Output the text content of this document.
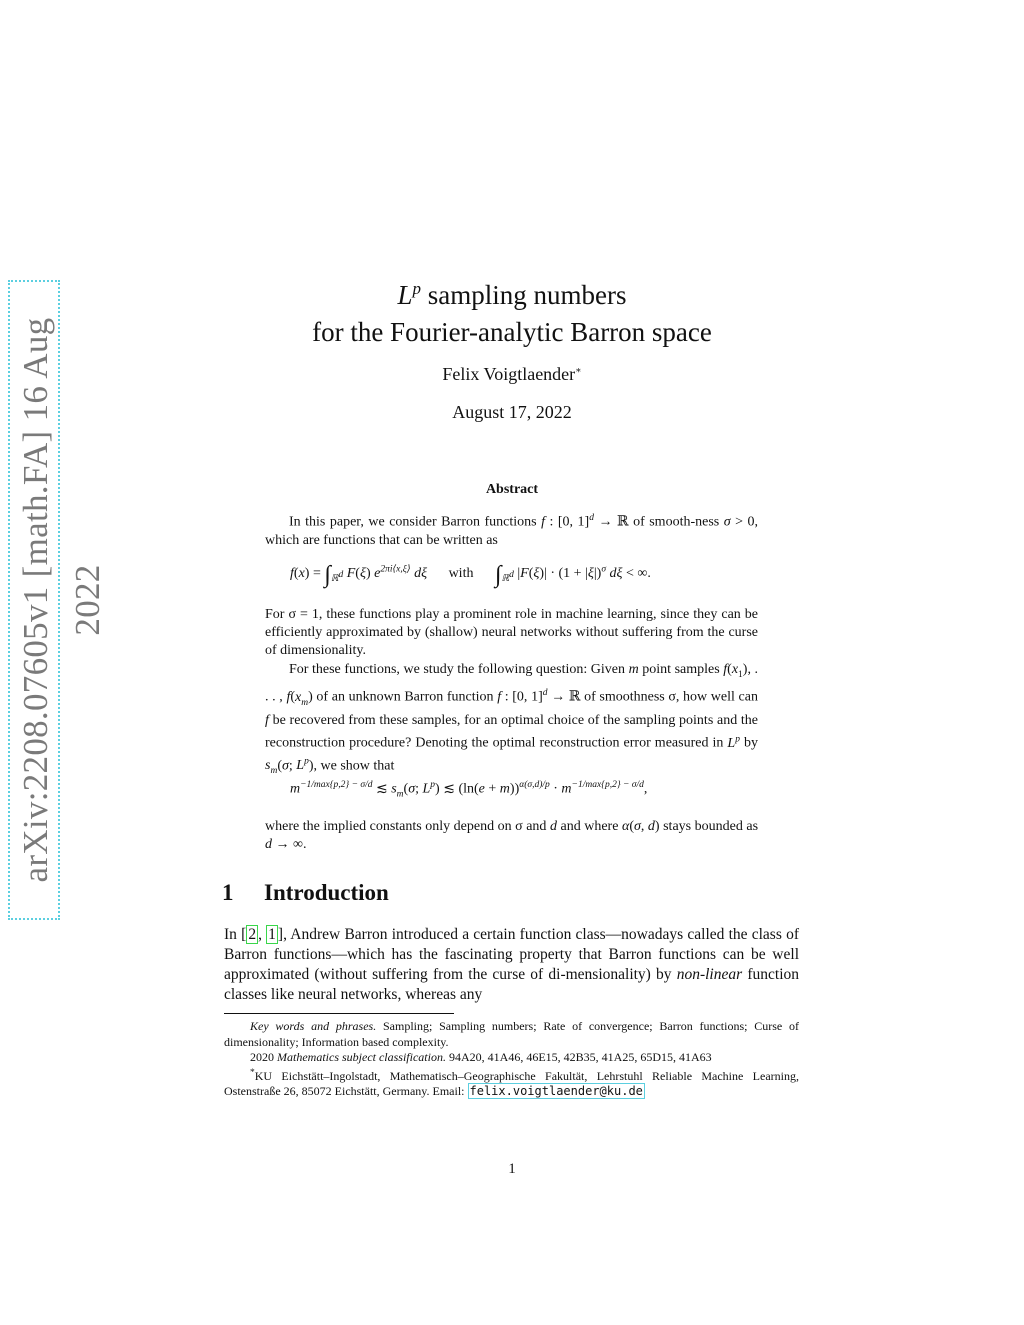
arXiv:2208.07605v1 [math.FA] 16 Aug 2022
$L^p$ sampling numbers
for the Fourier-analytic Barron space
Felix Voigtlaender∗
August 17, 2022
Abstract
In this paper, we consider Barron functions f : [0, 1]$^d$ → ℝ of smooth-ness σ > 0, which are functions that can be written as
$f(x) = \int_{ℝ^d}$ F(ξ) $e^{2\pi i⟨x,\xi⟩}$ dξ with $\int_{ℝ^d}$ $|F(\xi)| \cdot (1 + |\xi|)^\sigma$ dξ < ∞.
For σ = 1, these functions play a prominent role in machine learning, since they can be efficiently approximated by (shallow) neural networks without suffering from the curse of dimensionality.
For these functions, we study the following question: Given m point samples $f(x_1)$, . . . , $f(x_m)$ of an unknown Barron function f : [0, 1]$^d$ → ℝ of smoothness σ, how well can f be recovered from these samples, for an optimal choice of the sampling points and the reconstruction procedure? Denoting the optimal reconstruction error measured in $L^p$ by $s_m(\sigma$; $L^p$), we show that
$m^{-1/max\{p,2\} - \sigma/d}$ ≲ $s_m(\sigma$; $L^p$) ≲ $(\ln(e + m))^{\alpha(\sigma,d)/p} \cdot m^{-1/max\{p,2\} - \sigma/d}$,
where the implied constants only depend on σ and d and where α(σ, d) stays bounded as d → ∞.
1 Introduction
In [ 2 , 1 ], Andrew Barron introduced a certain function class—nowadays called the class of Barron functions—which has the fascinating property that Barron functions can be well approximated (without suffering from the curse of di-mensionality) by non-linear function classes like neural networks, whereas any

Key words and phrases. Sampling; Sampling numbers; Rate of convergence; Barron functions; Curse of dimensionality; Information based complexity.

2020 Mathematics subject classification. 94A20, 41A46, 46E15, 42B35, 41A25, 65D15, 41A63

*KU Eichstätt–Ingolstadt, Mathematisch–Geographische Fakultät, Lehrstuhl Reliable Machine Learning, Ostenstraße 26, 85072 Eichstätt, Germany. Email: felix.voigtlaender@ku.de

1
